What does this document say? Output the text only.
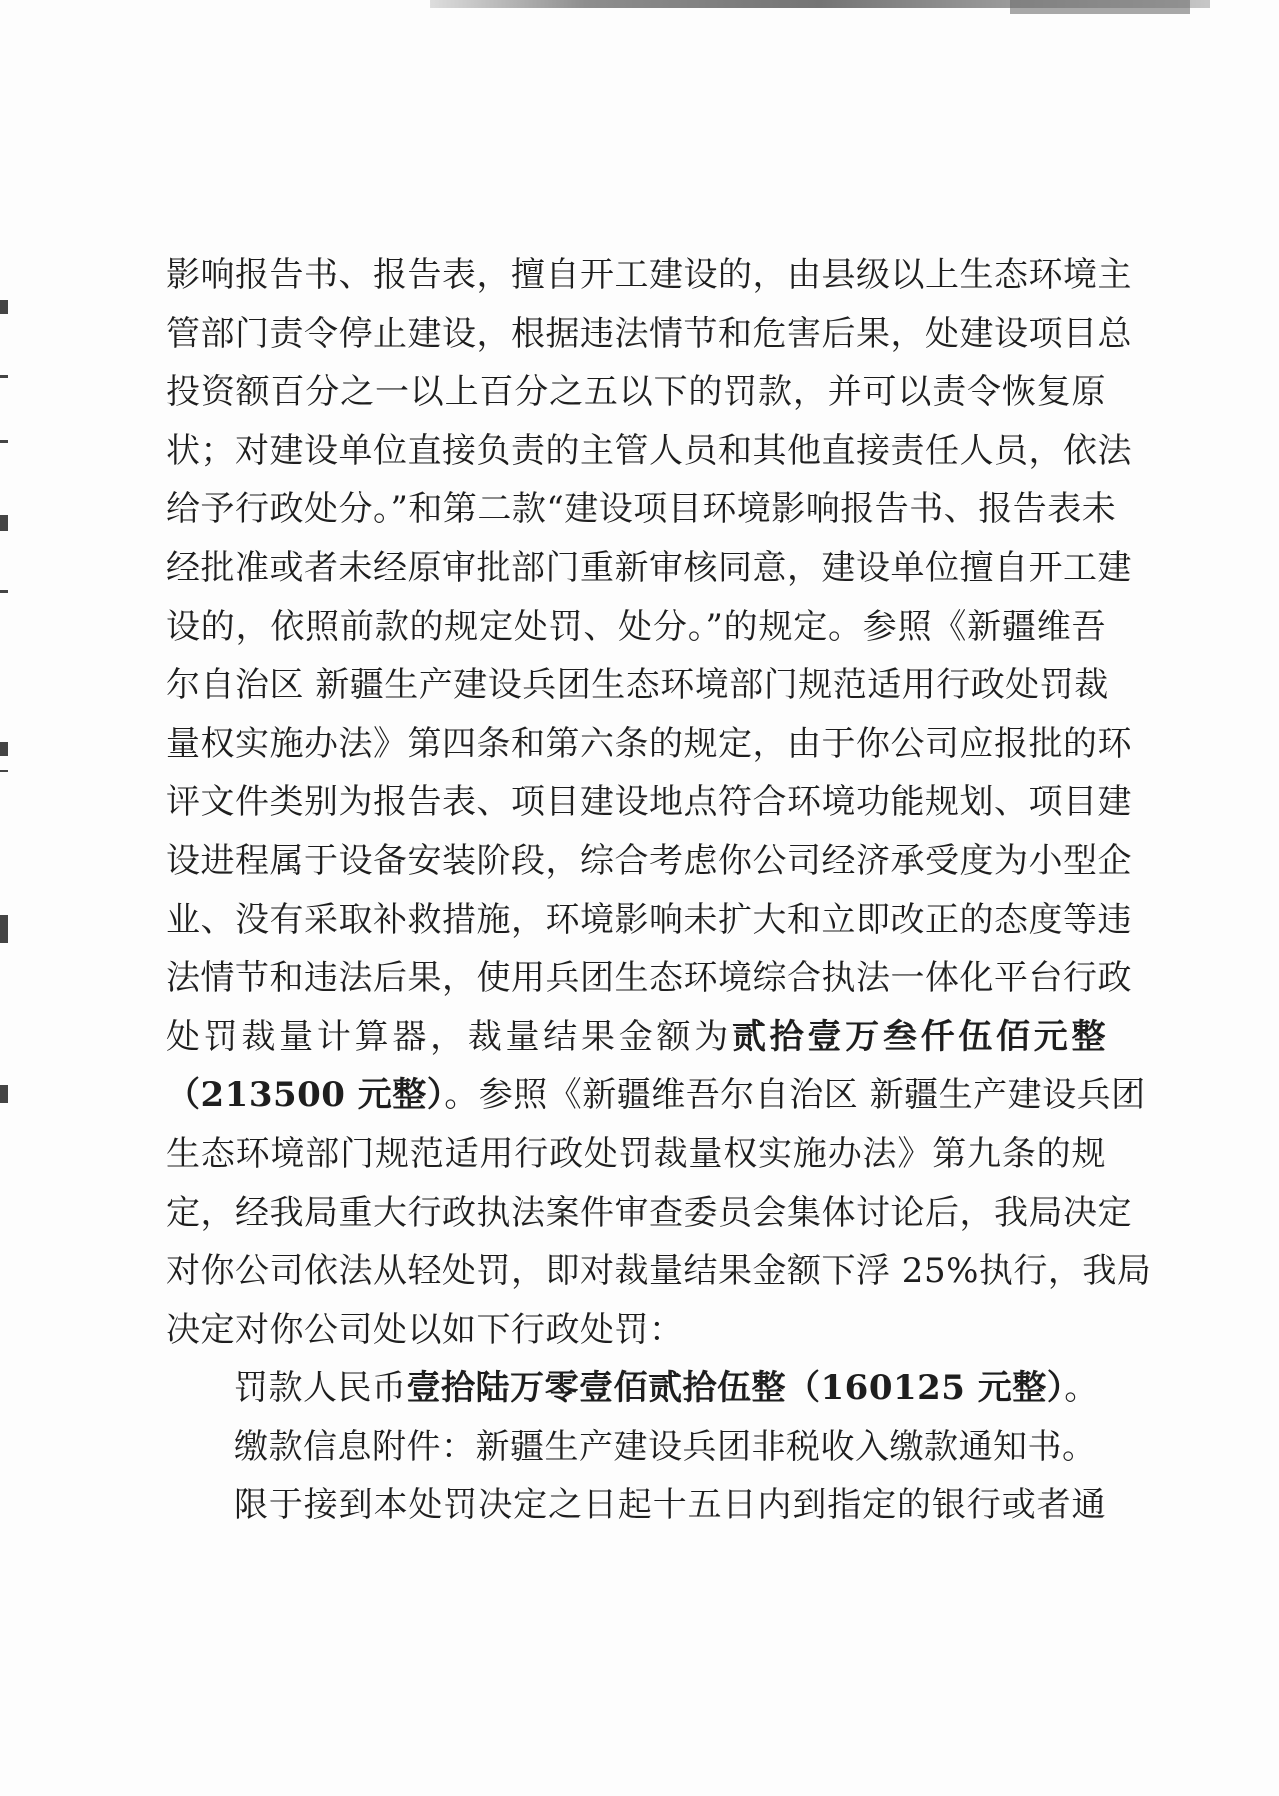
影响报告书、报告表，擅自开工建设的，由县级以上生态环境主
管部门责令停止建设，根据违法情节和危害后果，处建设项目总
投资额百分之一以上百分之五以下的罚款，并可以责令恢复原
状；对建设单位直接负责的主管人员和其他直接责任人员，依法
给予行政处分。”和第二款“建设项目环境影响报告书、报告表未
经批准或者未经原审批部门重新审核同意，建设单位擅自开工建
设的，依照前款的规定处罚、处分。”的规定。参照《新疆维吾
尔自治区 新疆生产建设兵团生态环境部门规范适用行政处罚裁
量权实施办法》第四条和第六条的规定，由于你公司应报批的环
评文件类别为报告表、项目建设地点符合环境功能规划、项目建
设进程属于设备安装阶段，综合考虑你公司经济承受度为小型企
业、没有采取补救措施，环境影响未扩大和立即改正的态度等违
法情节和违法后果，使用兵团生态环境综合执法一体化平台行政
处罚裁量计算器，裁量结果金额为贰拾壹万叁仟伍佰元整
（213500 元整）。参照《新疆维吾尔自治区 新疆生产建设兵团
生态环境部门规范适用行政处罚裁量权实施办法》第九条的规
定，经我局重大行政执法案件审查委员会集体讨论后，我局决定
对你公司依法从轻处罚，即对裁量结果金额下浮 25%执行，我局
决定对你公司处以如下行政处罚：
罚款人民币壹拾陆万零壹佰贰拾伍整（160125 元整）。
缴款信息附件：新疆生产建设兵团非税收入缴款通知书。
限于接到本处罚决定之日起十五日内到指定的银行或者通
